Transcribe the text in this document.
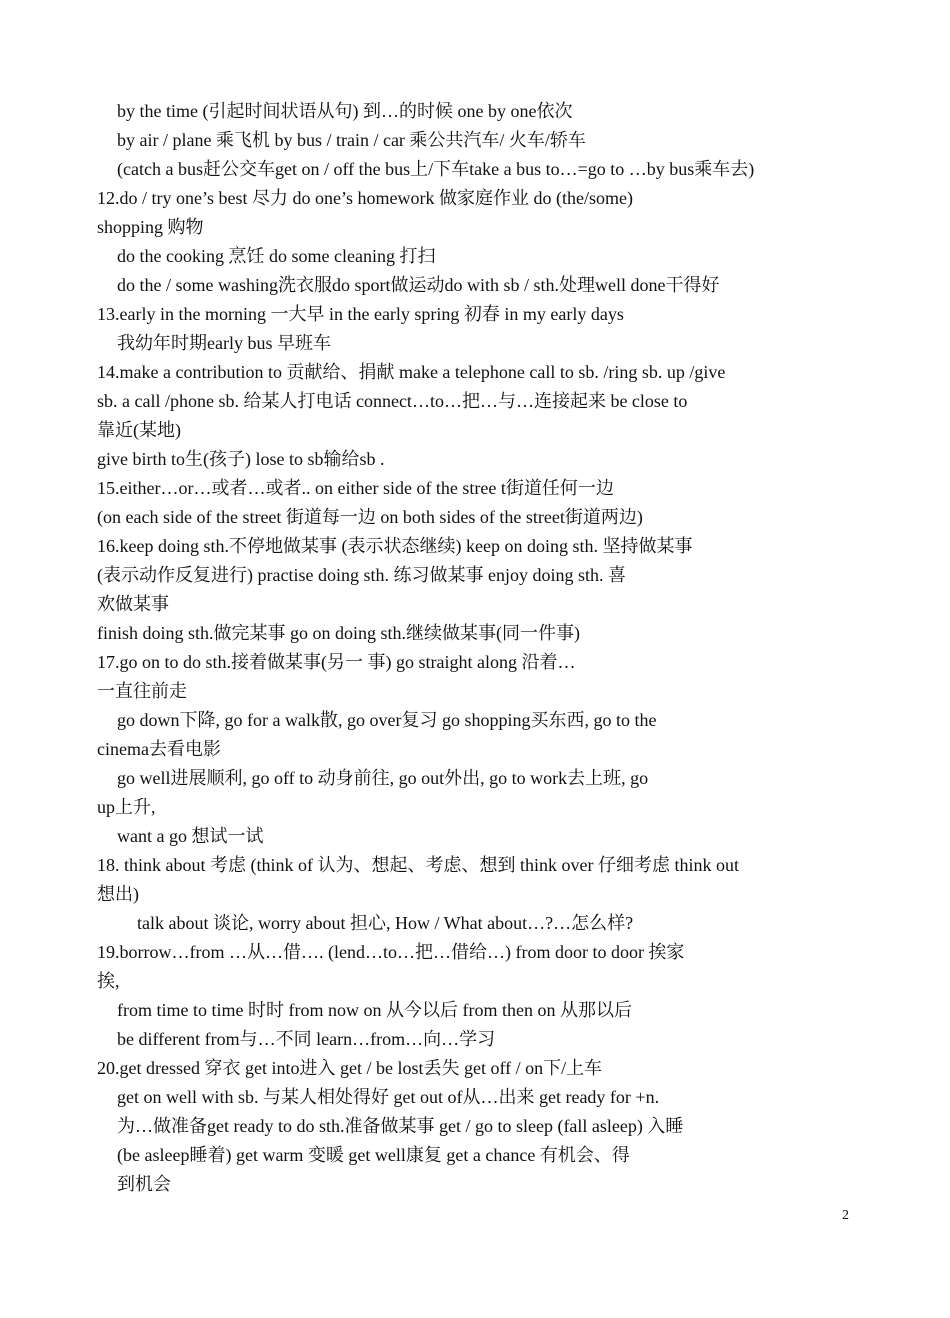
by the time (引起时间状语从句) 到…的时候 one by one依次
by air / plane 乘飞机 by bus / train / car 乘公共汽车/ 火车/轿车
(catch a bus赶公交车get on / off the bus上/下车take a bus to…=go to …by bus乘车去)
12.do / try one’s best 尽力 do one’s homework 做家庭作业 do (the/some)
shopping 购物
do the cooking 烹饪 do some cleaning 打扫
do the / some washing洗衣服do sport做运动do with sb / sth.处理well done干得好
13.early in the morning 一大早 in the early spring 初春 in my early days
我幼年时期early bus 早班车
14.make a contribution to 贡献给、捐献 make a telephone call to sb. /ring sb. up /give
sb. a call /phone sb. 给某人打电话 connect…to…把…与…连接起来 be close to
靠近(某地)
give birth to生(孩子) lose to sb输给sb .
15.either…or…或者…或者.. on either side of the stree t街道任何一边
(on each side of the street 街道每一边 on both sides of the street街道两边)
16.keep doing sth.不停地做某事 (表示状态继续) keep on doing sth. 坚持做某事
(表示动作反复进行) practise doing sth. 练习做某事 enjoy doing sth. 喜
欢做某事
finish doing sth.做完某事 go on doing sth.继续做某事(同一件事)
17.go on to do sth.接着做某事(另一 事) go straight along 沿着…
一直往前走
go down下降, go for a walk散, go over复习 go shopping买东西, go to the
cinema去看电影
go well进展顺利, go off to 动身前往, go out外出, go to work去上班, go
up上升,
want a go 想试一试
18. think about 考虑 (think of 认为、想起、考虑、想到 think over 仔细考虑 think out
想出)
talk about 谈论, worry about 担心, How / What about…?…怎么样?
19.borrow…from …从…借…. (lend…to…把…借给…) from door to door 挨家
挨,
from time to time 时时 from now on 从今以后 from then on 从那以后
be different from与…不同 learn…from…向…学习
20.get dressed 穿衣 get into进入 get / be lost丢失 get off / on下/上车
get on well with sb. 与某人相处得好 get out of从…出来 get ready for +n.
为…做准备get ready to do sth.准备做某事 get / go to sleep (fall asleep) 入睡
(be asleep睡着) get warm 变暖 get well康复 get a chance 有机会、得
到机会
2
